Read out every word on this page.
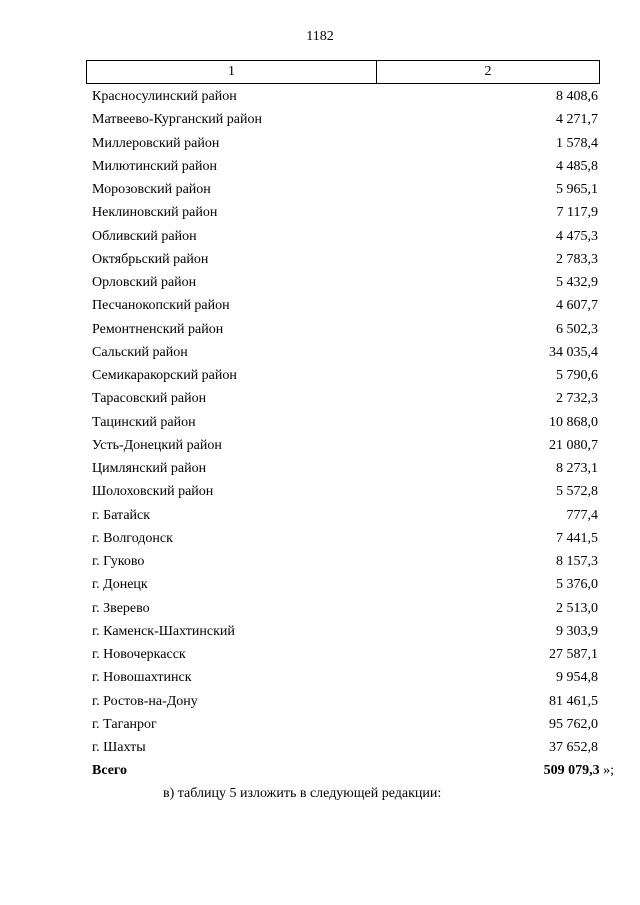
1182
1	2
Красносулинский район	8 408,6
Матвеево-Курганский район	4 271,7
Миллеровский район	1 578,4
Милютинский район	4 485,8
Морозовский район	5 965,1
Неклиновский район	7 117,9
Обливский район	4 475,3
Октябрьский район	2 783,3
Орловский район	5 432,9
Песчанокопский район	4 607,7
Ремонтненский район	6 502,3
Сальский район	34 035,4
Семикаракорский район	5 790,6
Тарасовский район	2 732,3
Тацинский район	10 868,0
Усть-Донецкий район	21 080,7
Цимлянский район	8 273,1
Шолоховский район	5 572,8
г. Батайск	777,4
г. Волгодонск	7 441,5
г. Гуково	8 157,3
г. Донецк	5 376,0
г. Зверево	2 513,0
г. Каменск-Шахтинский	9 303,9
г. Новочеркасск	27 587,1
г. Новошахтинск	9 954,8
г. Ростов-на-Дону	81 461,5
г. Таганрог	95 762,0
г. Шахты	37 652,8
Всего	509 079,3 »;
в) таблицу 5 изложить в следующей редакции:
